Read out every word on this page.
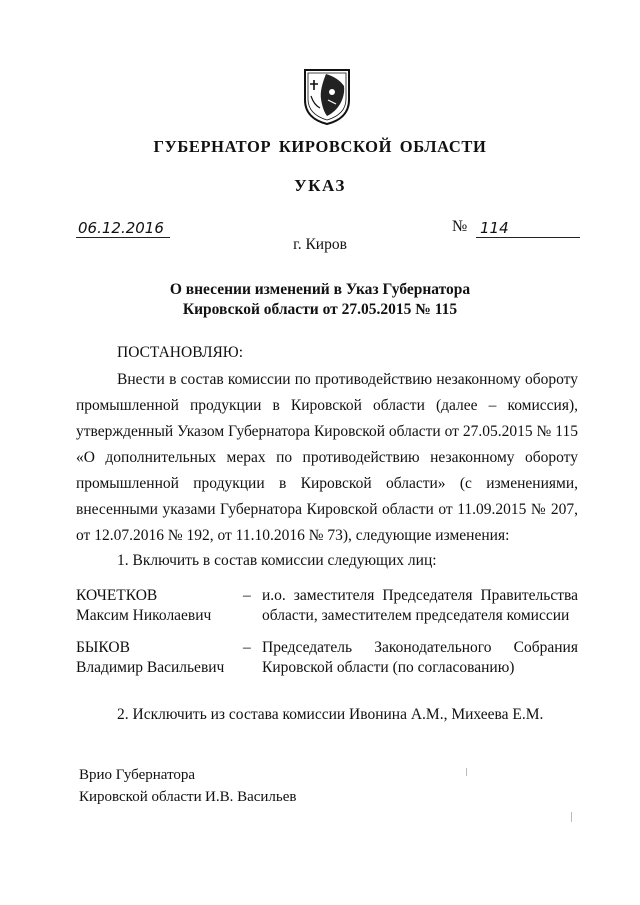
ГУБЕРНАТОР КИРОВСКОЙ ОБЛАСТИ
УКАЗ
06.12.2016	№ 114
г. Киров
О внесении изменений в Указ Губернатора
Кировской области от 27.05.2015 № 115
ПОСТАНОВЛЯЮ:

Внести в состав комиссии по противодействию незаконному обороту промышленной продукции в Кировской области (далее – комиссия), утвержденный Указом Губернатора Кировской области от 27.05.2015 № 115 «О дополнительных мерах по противодействию незаконному обороту промышленной продукции в Кировской области» (с изменениями, внесенными указами Губернатора Кировской области от 11.09.2015 № 207, от 12.07.2016 № 192, от 11.10.2016 № 73), следующие изменения:

1. Включить в состав комиссии следующих лиц:
КОЧЕТКОВ
Максим Николаевич
– и.о. заместителя Председателя Правительства области, заместителем председателя комиссии
БЫКОВ
Владимир Васильевич
– Председатель Законодательного Собрания Кировской области (по согласованию)
2. Исключить из состава комиссии Ивонина А.М., Михеева Е.М.
Врио Губернатора
Кировской области И.В. Васильев
